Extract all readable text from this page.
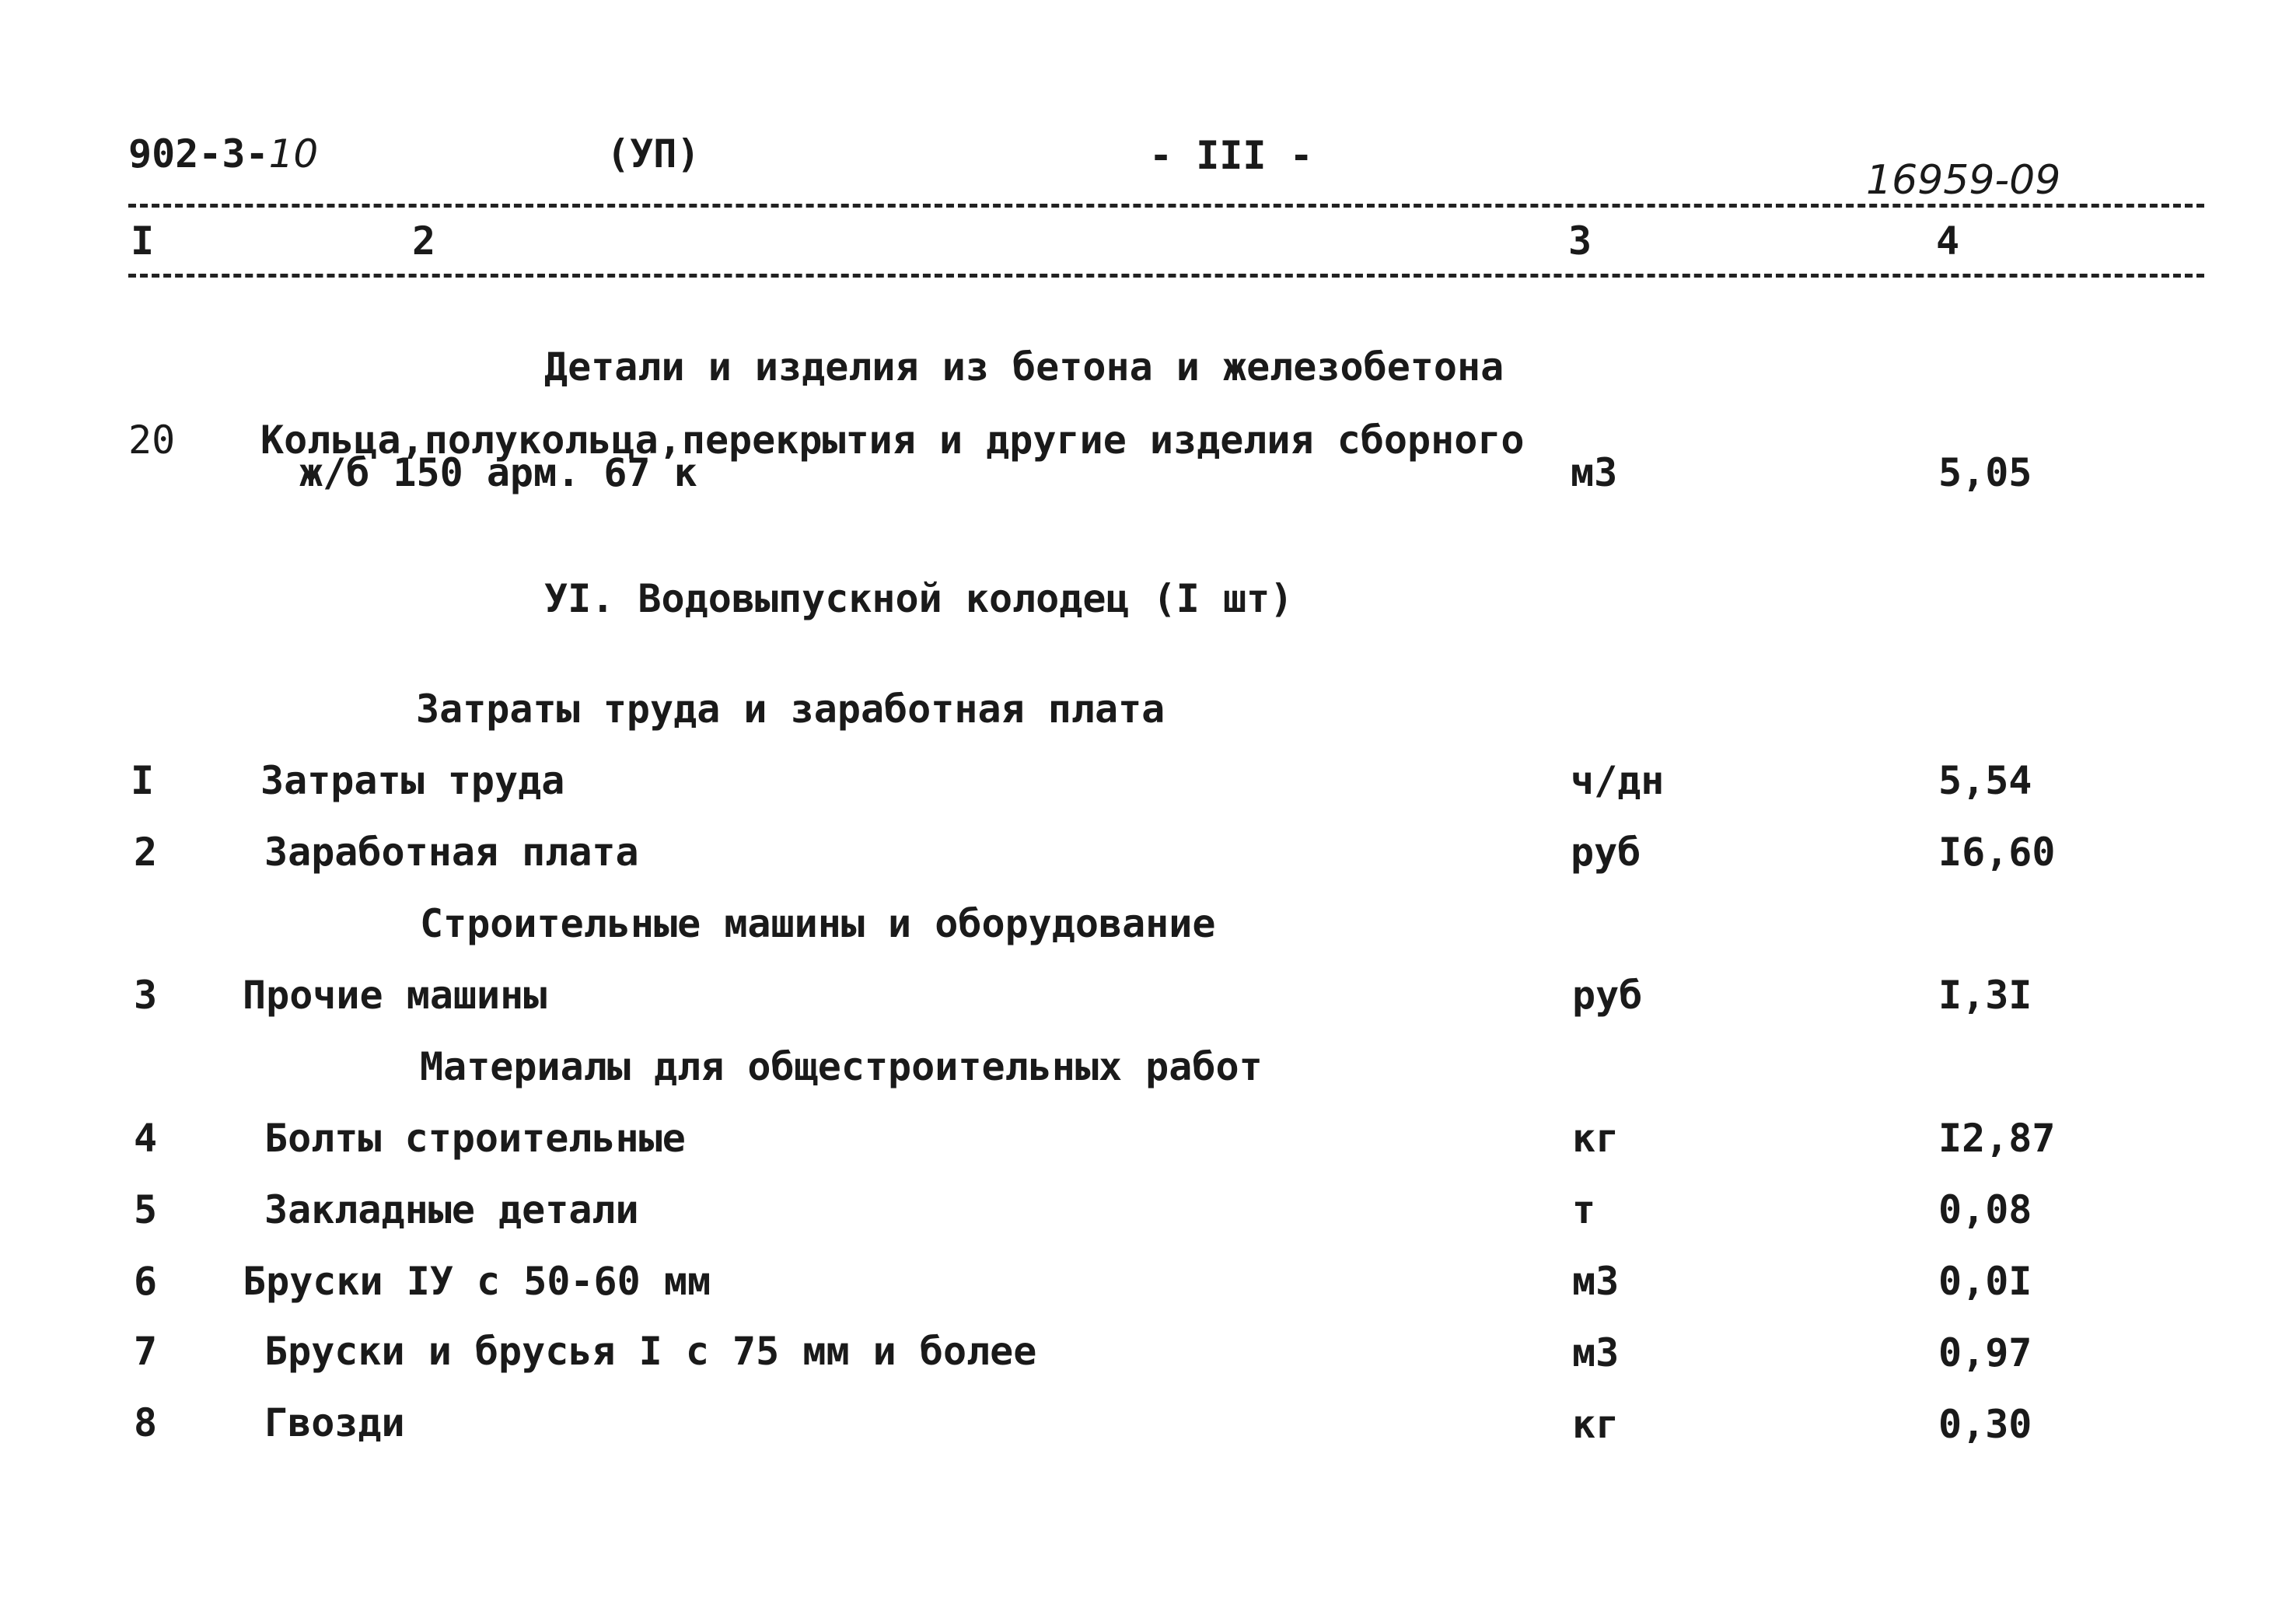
902-3-10	(УП)	- III -
16959-09
I	2	3	4
Детали и изделия из бетона и железобетона
20 Кольца,полукольца,перекрытия и другие изделия сборного
ж/б 150 арм. 67 к	м3	5,05
УI. Водовыпускной колодец (I шт)
Затраты труда и заработная плата
I	Затраты труда	ч/дн	5,54
2	Заработная плата	руб	I6,60
Строительные машины и оборудование
3 Прочие машины	руб	I,3I
Материалы для общестроительных работ
4	Болты строительные	кг	I2,87
5	Закладные детали	т	0,08
6 Бруски IУ с 50-60 мм	м3	0,0I
7	Бруски и брусья I с 75 мм и более	м3	0,97
8	Гвозди	кг	0,30
